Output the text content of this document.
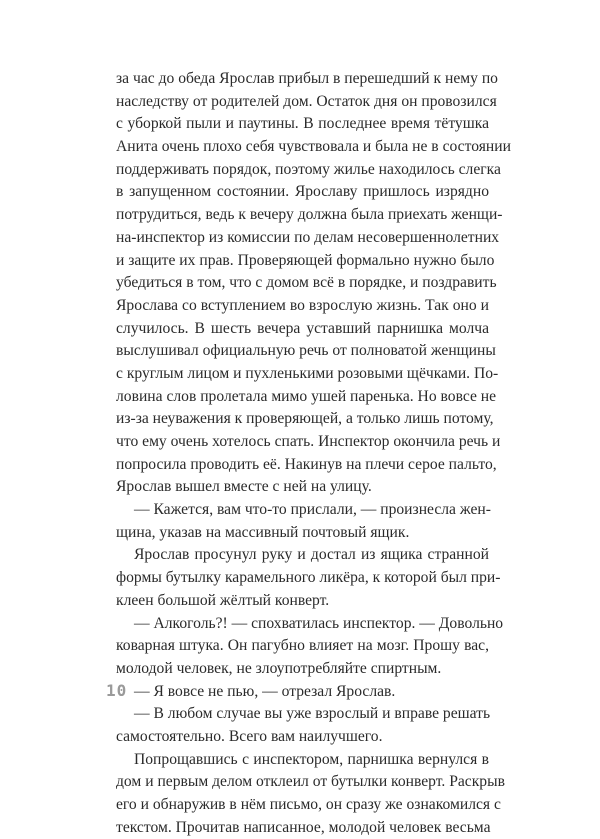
за час до обеда Ярослав прибыл в перешедший к нему по
наследству от родителей дом. Остаток дня он провозился
с уборкой пыли и паутины. В последнее время тётушка
Анита очень плохо себя чувствовала и была не в состоянии
поддерживать порядок, поэтому жилье находилось слегка
в запущенном состоянии. Ярославу пришлось изрядно
потрудиться, ведь к вечеру должна была приехать женщи-
на-инспектор из комиссии по делам несовершеннолетних
и защите их прав. Проверяющей формально нужно было
убедиться в том, что с домом всё в порядке, и поздравить
Ярослава со вступлением во взрослую жизнь. Так оно и
случилось. В шесть вечера уставший парнишка молча
выслушивал официальную речь от полноватой женщины
с круглым лицом и пухленькими розовыми щёчками. По-
ловина слов пролетала мимо ушей паренька. Но вовсе не
из-за неуважения к проверяющей, а только лишь потому,
что ему очень хотелось спать. Инспектор окончила речь и
попросила проводить её. Накинув на плечи серое пальто,
Ярослав вышел вместе с ней на улицу.
— Кажется, вам что-то прислали, — произнесла жен-
щина, указав на массивный почтовый ящик.
Ярослав просунул руку и достал из ящика странной
формы бутылку карамельного ликёра, к которой был при-
клеен большой жёлтый конверт.
— Алкоголь?! — спохватилась инспектор. — Довольно
коварная штука. Он пагубно влияет на мозг. Прошу вас,
молодой человек, не злоупотребляйте спиртным.
— Я вовсе не пью, — отрезал Ярослав.
— В любом случае вы уже взрослый и вправе решать
самостоятельно. Всего вам наилучшего.
Попрощавшись с инспектором, парнишка вернулся в
дом и первым делом отклеил от бутылки конверт. Раскрыв
его и обнаружив в нём письмо, он сразу же ознакомился с
текстом. Прочитав написанное, молодой человек весьма
10
